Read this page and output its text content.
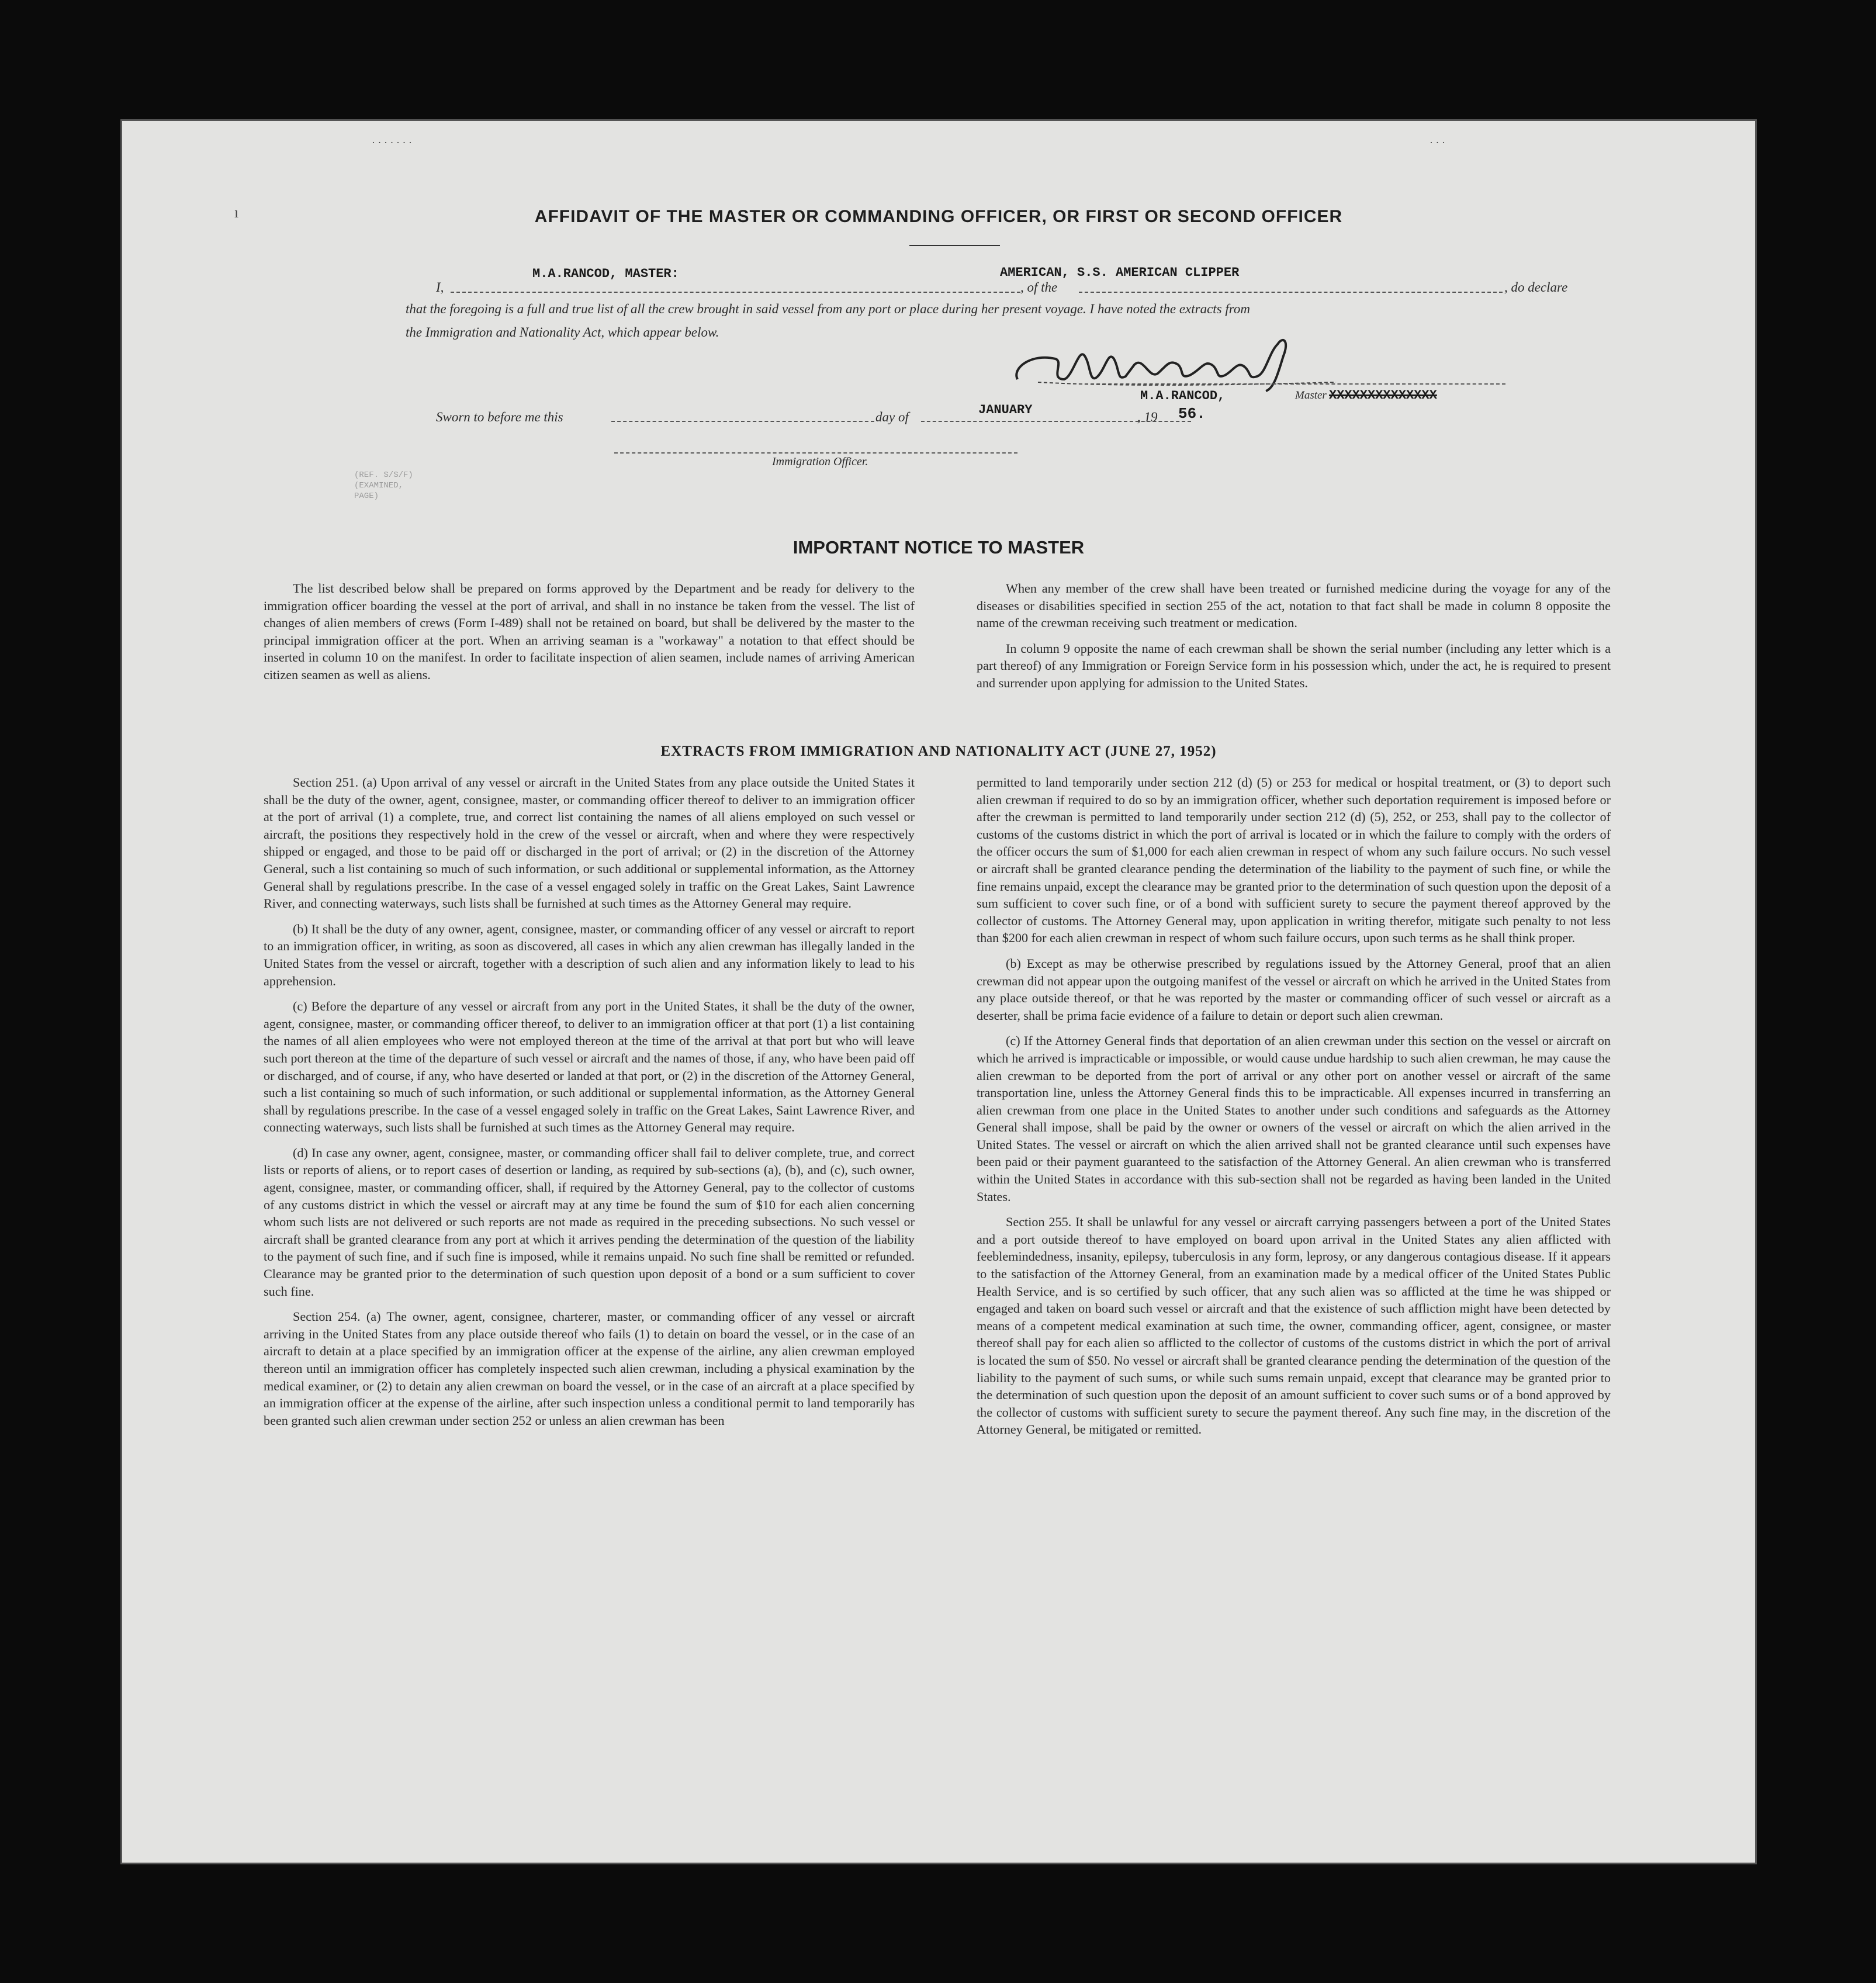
ı
· · · · · · ·	· · ·
AFFIDAVIT OF THE MASTER OR COMMANDING OFFICER, OR FIRST OR SECOND OFFICER
I,
M.A.RANCOD, MASTER:
, of the
AMERICAN, S.S. AMERICAN CLIPPER
, do declare
that the foregoing is a full and true list of all the crew brought in said vessel from any port or place during her present voyage. I have noted the extracts from
the Immigration and Nationality Act, which appear below.
Sworn to before me this	day of	JANUARY	, 19 56.
M.A.RANCOD,	Master XXXXXXXXXXXXXX
Immigration Officer.
(REF. S/S/F)
(EXAMINED, PAGE)
IMPORTANT NOTICE TO MASTER

The list described below shall be prepared on forms approved by the Department and be ready for delivery to the immigration officer boarding the vessel at the port of arrival, and shall in no instance be taken from the vessel. The list of changes of alien members of crews (Form I-489) shall not be retained on board, but shall be delivered by the master to the principal immigration officer at the port. When an arriving seaman is a "workaway" a notation to that effect should be inserted in column 10 on the manifest. In order to facilitate inspection of alien seamen, include names of arriving American citizen seamen as well as aliens.

When any member of the crew shall have been treated or furnished medicine during the voyage for any of the diseases or disabilities specified in section 255 of the act, notation to that fact shall be made in column 8 opposite the name of the crewman receiving such treatment or medication.

In column 9 opposite the name of each crewman shall be shown the serial number (including any letter which is a part thereof) of any Immigration or Foreign Service form in his possession which, under the act, he is required to present and surrender upon applying for admission to the United States.

EXTRACTS FROM IMMIGRATION AND NATIONALITY ACT (JUNE 27, 1952)

Section 251. (a) Upon arrival of any vessel or aircraft in the United States from any place outside the United States it shall be the duty of the owner, agent, consignee, master, or commanding officer thereof to deliver to an immigration officer at the port of arrival (1) a complete, true, and correct list containing the names of all aliens employed on such vessel or aircraft, the positions they respectively hold in the crew of the vessel or aircraft, when and where they were respectively shipped or engaged, and those to be paid off or discharged in the port of arrival; or (2) in the discretion of the Attorney General, such a list containing so much of such information, or such additional or supplemental information, as the Attorney General shall by regulations prescribe. In the case of a vessel engaged solely in traffic on the Great Lakes, Saint Lawrence River, and connecting waterways, such lists shall be furnished at such times as the Attorney General may require.

(b) It shall be the duty of any owner, agent, consignee, master, or commanding officer of any vessel or aircraft to report to an immigration officer, in writing, as soon as discovered, all cases in which any alien crewman has illegally landed in the United States from the vessel or aircraft, together with a description of such alien and any information likely to lead to his apprehension.

(c) Before the departure of any vessel or aircraft from any port in the United States, it shall be the duty of the owner, agent, consignee, master, or commanding officer thereof, to deliver to an immigration officer at that port (1) a list containing the names of all alien employees who were not employed thereon at the time of the arrival at that port but who will leave such port thereon at the time of the departure of such vessel or aircraft and the names of those, if any, who have been paid off or discharged, and of course, if any, who have deserted or landed at that port, or (2) in the discretion of the Attorney General, such a list containing so much of such information, or such additional or supplemental information, as the Attorney General shall by regulations prescribe. In the case of a vessel engaged solely in traffic on the Great Lakes, Saint Lawrence River, and connecting waterways, such lists shall be furnished at such times as the Attorney General may require.

(d) In case any owner, agent, consignee, master, or commanding officer shall fail to deliver complete, true, and correct lists or reports of aliens, or to report cases of desertion or landing, as required by sub-sections (a), (b), and (c), such owner, agent, consignee, master, or commanding officer, shall, if required by the Attorney General, pay to the collector of customs of any customs district in which the vessel or aircraft may at any time be found the sum of $10 for each alien concerning whom such lists are not delivered or such reports are not made as required in the preceding subsections. No such vessel or aircraft shall be granted clearance from any port at which it arrives pending the determination of the question of the liability to the payment of such fine, and if such fine is imposed, while it remains unpaid. No such fine shall be remitted or refunded. Clearance may be granted prior to the determination of such question upon deposit of a bond or a sum sufficient to cover such fine.

Section 254. (a) The owner, agent, consignee, charterer, master, or commanding officer of any vessel or aircraft arriving in the United States from any place outside thereof who fails (1) to detain on board the vessel, or in the case of an aircraft to detain at a place specified by an immigration officer at the expense of the airline, any alien crewman employed thereon until an immigration officer has completely inspected such alien crewman, including a physical examination by the medical examiner, or (2) to detain any alien crewman on board the vessel, or in the case of an aircraft at a place specified by an immigration officer at the expense of the airline, after such inspection unless a conditional permit to land temporarily has been granted such alien crewman under section 252 or unless an alien crewman has been

permitted to land temporarily under section 212 (d) (5) or 253 for medical or hospital treatment, or (3) to deport such alien crewman if required to do so by an immigration officer, whether such deportation requirement is imposed before or after the crewman is permitted to land temporarily under section 212 (d) (5), 252, or 253, shall pay to the collector of customs of the customs district in which the port of arrival is located or in which the failure to comply with the orders of the officer occurs the sum of $1,000 for each alien crewman in respect of whom any such failure occurs. No such vessel or aircraft shall be granted clearance pending the determination of the liability to the payment of such fine, or while the fine remains unpaid, except the clearance may be granted prior to the determination of such question upon the deposit of a sum sufficient to cover such fine, or of a bond with sufficient surety to secure the payment thereof approved by the collector of customs. The Attorney General may, upon application in writing therefor, mitigate such penalty to not less than $200 for each alien crewman in respect of whom such failure occurs, upon such terms as he shall think proper.

(b) Except as may be otherwise prescribed by regulations issued by the Attorney General, proof that an alien crewman did not appear upon the outgoing manifest of the vessel or aircraft on which he arrived in the United States from any place outside thereof, or that he was reported by the master or commanding officer of such vessel or aircraft as a deserter, shall be prima facie evidence of a failure to detain or deport such alien crewman.

(c) If the Attorney General finds that deportation of an alien crewman under this section on the vessel or aircraft on which he arrived is impracticable or impossible, or would cause undue hardship to such alien crewman, he may cause the alien crewman to be deported from the port of arrival or any other port on another vessel or aircraft of the same transportation line, unless the Attorney General finds this to be impracticable. All expenses incurred in transferring an alien crewman from one place in the United States to another under such conditions and safeguards as the Attorney General shall impose, shall be paid by the owner or owners of the vessel or aircraft on which the alien arrived in the United States. The vessel or aircraft on which the alien arrived shall not be granted clearance until such expenses have been paid or their payment guaranteed to the satisfaction of the Attorney General. An alien crewman who is transferred within the United States in accordance with this sub-section shall not be regarded as having been landed in the United States.

Section 255. It shall be unlawful for any vessel or aircraft carrying passengers between a port of the United States and a port outside thereof to have employed on board upon arrival in the United States any alien afflicted with feeblemindedness, insanity, epilepsy, tuberculosis in any form, leprosy, or any dangerous contagious disease. If it appears to the satisfaction of the Attorney General, from an examination made by a medical officer of the United States Public Health Service, and is so certified by such officer, that any such alien was so afflicted at the time he was shipped or engaged and taken on board such vessel or aircraft and that the existence of such affliction might have been detected by means of a competent medical examination at such time, the owner, commanding officer, agent, consignee, or master thereof shall pay for each alien so afflicted to the collector of customs of the customs district in which the port of arrival is located the sum of $50. No vessel or aircraft shall be granted clearance pending the determination of the question of the liability to the payment of such sums, or while such sums remain unpaid, except that clearance may be granted prior to the determination of such question upon the deposit of an amount sufficient to cover such sums or of a bond approved by the collector of customs with sufficient surety to secure the payment thereof. Any such fine may, in the discretion of the Attorney General, be mitigated or remitted.
